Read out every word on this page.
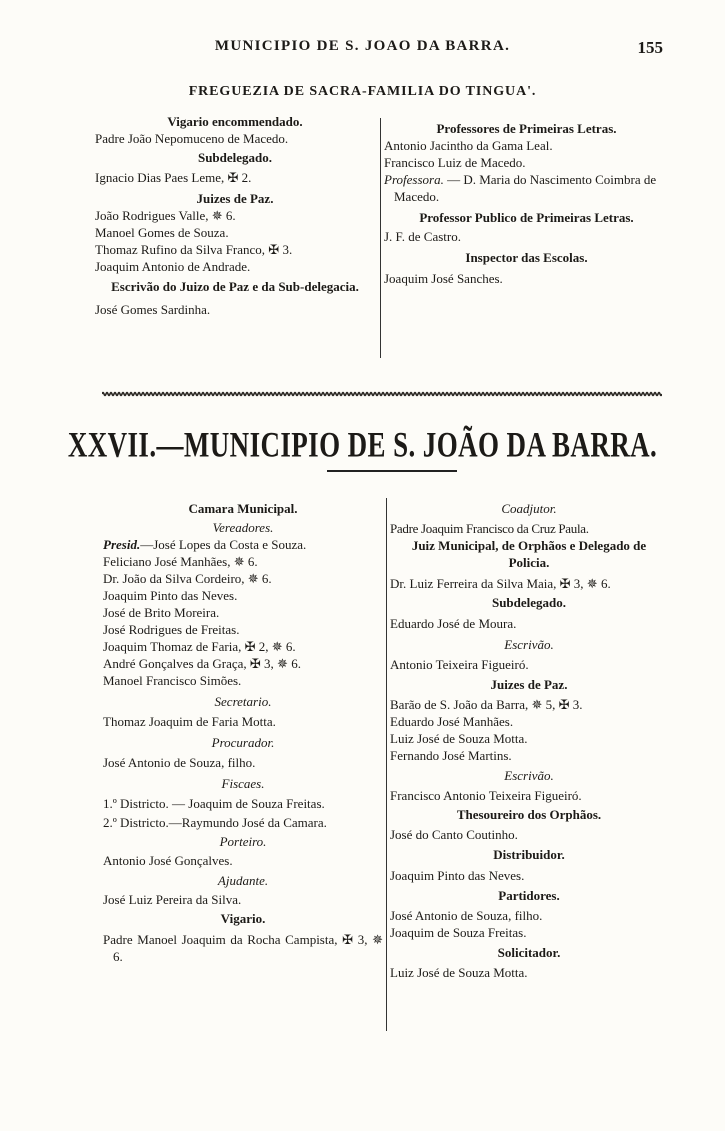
MUNICIPIO DE S. JOAO DA BARRA.	155
FREGUEZIA DE SACRA-FAMILIA DO TINGUA'.
Vigario encommendado.
Padre João Nepomuceno de Macedo.
Subdelegado.
Ignacio Dias Paes Leme, ✠ 2.
Juizes de Paz.
João Rodrigues Valle, ✵ 6.
Manoel Gomes de Souza.
Thomaz Rufino da Silva Franco, ✠ 3.
Joaquim Antonio de Andrade.
Escrivão do Juizo de Paz e da Sub-delegacia.
José Gomes Sardinha.
Professores de Primeiras Letras.
Antonio Jacintho da Gama Leal.
Francisco Luiz de Macedo.
Professora. — D. Maria do Nascimento Coimbra de Macedo.
Professor Publico de Primeiras Letras.
J. F. de Castro.
Inspector das Escolas.
Joaquim José Sanches.
XXVII.—MUNICIPIO DE S. JOÃO DA BARRA.
Camara Municipal.
Vereadores.
Presid.—José Lopes da Costa e Souza.
Feliciano José Manhães, ✵ 6.
Dr. João da Silva Cordeiro, ✵ 6.
Joaquim Pinto das Neves.
José de Brito Moreira.
José Rodrigues de Freitas.
Joaquim Thomaz de Faria, ✠ 2, ✵ 6.
André Gonçalves da Graça, ✠ 3, ✵ 6.
Manoel Francisco Simões.
Secretario.
Thomaz Joaquim de Faria Motta.
Procurador.
José Antonio de Souza, filho.
Fiscaes.
1.º Districto. — Joaquim de Souza Freitas.
2.º Districto.—Raymundo José da Camara.
Porteiro.
Antonio José Gonçalves.
Ajudante.
José Luiz Pereira da Silva.
Vigario.
Padre Manoel Joaquim da Rocha Campista, ✠ 3, ✵ 6.
Coadjutor.
Padre Joaquim Francisco da Cruz Paula.
Juiz Municipal, de Orphãos e Delegado de Policia.
Dr. Luiz Ferreira da Silva Maia, ✠ 3, ✵ 6.
Subdelegado.
Eduardo José de Moura.
Escrivão.
Antonio Teixeira Figueiró.
Juizes de Paz.
Barão de S. João da Barra, ✵ 5, ✠ 3.
Eduardo José Manhães.
Luiz José de Souza Motta.
Fernando José Martins.
Escrivão.
Francisco Antonio Teixeira Figueiró.
Thesoureiro dos Orphãos.
José do Canto Coutinho.
Distribuidor.
Joaquim Pinto das Neves.
Partidores.
José Antonio de Souza, filho.
Joaquim de Souza Freitas.
Solicitador.
Luiz José de Souza Motta.
